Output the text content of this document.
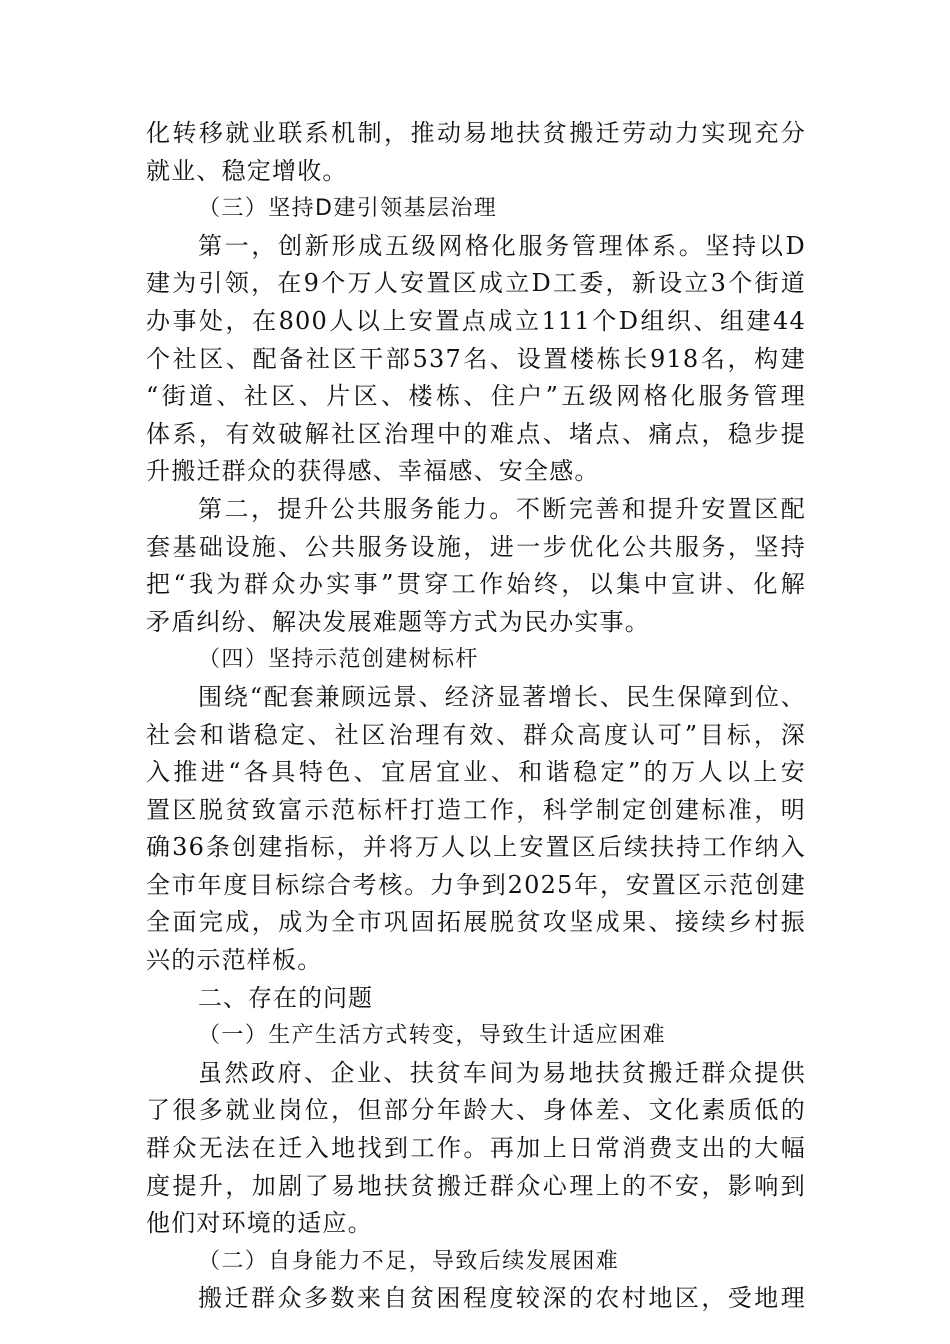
化转移就业联系机制，推动易地扶贫搬迁劳动力实现充分
就业、稳定增收。
（三）坚持D建引领基层治理
第一，创新形成五级网格化服务管理体系。坚持以D
建为引领，在9个万人安置区成立D工委，新设立3个街道
办事处，在800人以上安置点成立111个D组织、组建44
个社区、配备社区干部537名、设置楼栋长918名，构建
“街道、社区、片区、楼栋、住户”五级网格化服务管理
体系，有效破解社区治理中的难点、堵点、痛点，稳步提
升搬迁群众的获得感、幸福感、安全感。
第二，提升公共服务能力。不断完善和提升安置区配
套基础设施、公共服务设施，进一步优化公共服务，坚持
把“我为群众办实事”贯穿工作始终，以集中宣讲、化解
矛盾纠纷、解决发展难题等方式为民办实事。
（四）坚持示范创建树标杆
围绕“配套兼顾远景、经济显著增长、民生保障到位、
社会和谐稳定、社区治理有效、群众高度认可”目标，深
入推进“各具特色、宜居宜业、和谐稳定”的万人以上安
置区脱贫致富示范标杆打造工作，科学制定创建标准，明
确36条创建指标，并将万人以上安置区后续扶持工作纳入
全市年度目标综合考核。力争到2025年，安置区示范创建
全面完成，成为全市巩固拓展脱贫攻坚成果、接续乡村振
兴的示范样板。
二、存在的问题
（一）生产生活方式转变，导致生计适应困难
虽然政府、企业、扶贫车间为易地扶贫搬迁群众提供
了很多就业岗位，但部分年龄大、身体差、文化素质低的
群众无法在迁入地找到工作。再加上日常消费支出的大幅
度提升，加剧了易地扶贫搬迁群众心理上的不安，影响到
他们对环境的适应。
（二）自身能力不足，导致后续发展困难
搬迁群众多数来自贫困程度较深的农村地区，受地理
